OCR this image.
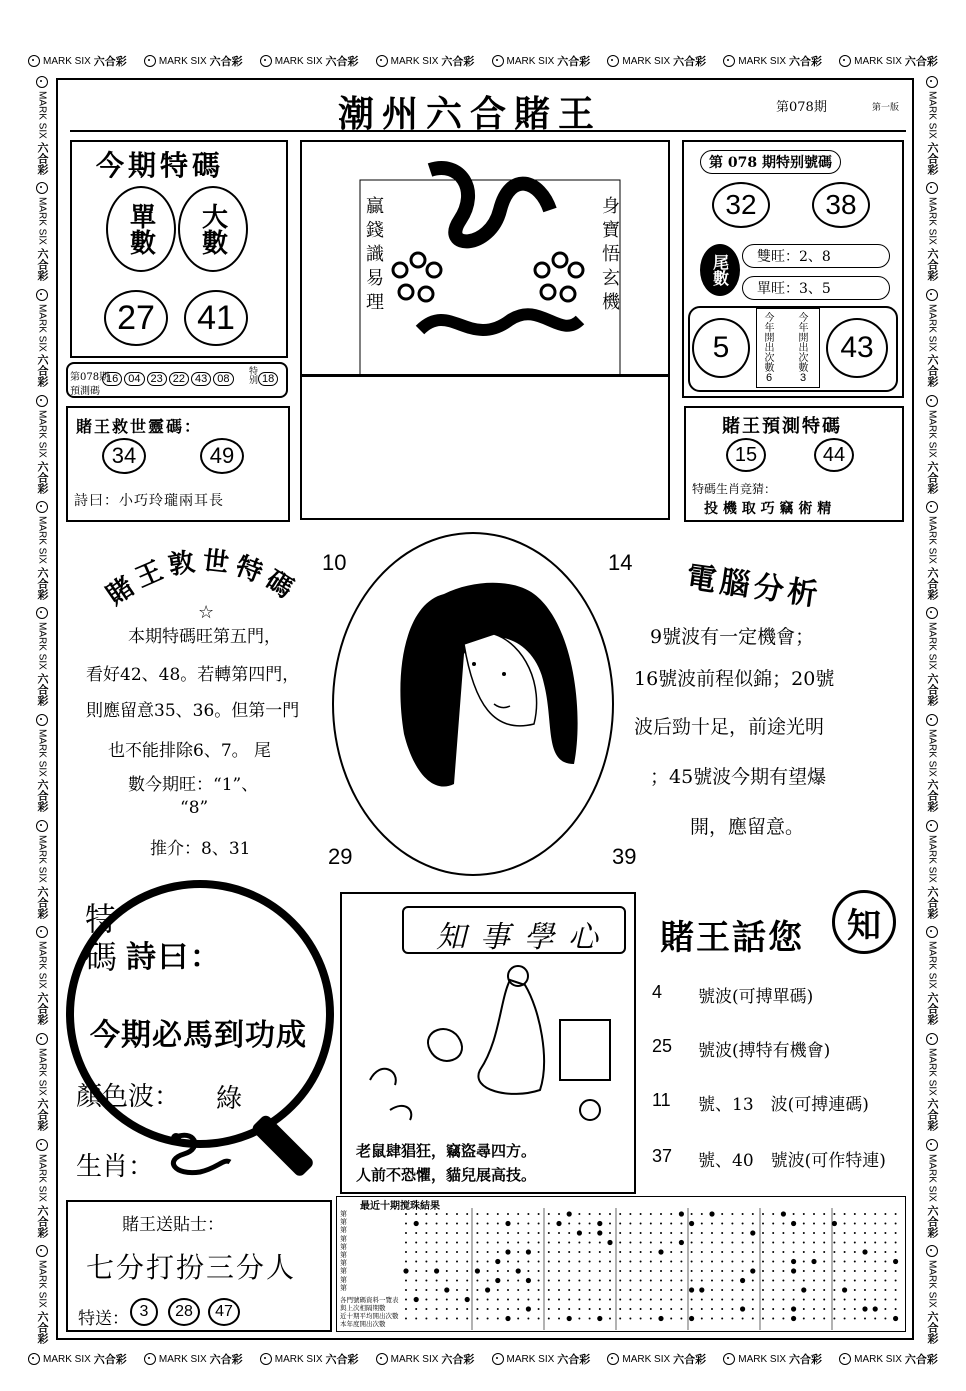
MARK SIX 六合彩	MARK SIX 六合彩	MARK SIX 六合彩	MARK SIX 六合彩	MARK SIX 六合彩	MARK SIX 六合彩	MARK SIX 六合彩	MARK SIX 六合彩
MARK SIX 六合彩	MARK SIX 六合彩	MARK SIX 六合彩	MARK SIX 六合彩	MARK SIX 六合彩	MARK SIX 六合彩	MARK SIX 六合彩	MARK SIX 六合彩
MARK SIX
六合彩
MARK SIX
六合彩
MARK SIX
六合彩
MARK SIX
六合彩
MARK SIX
六合彩
MARK SIX
六合彩
MARK SIX
六合彩
MARK SIX
六合彩
MARK SIX
六合彩
MARK SIX
六合彩
MARK SIX
六合彩
MARK SIX
六合彩
MARK SIX
六合彩
MARK SIX
六合彩
MARK SIX
六合彩
MARK SIX
六合彩
MARK SIX
六合彩
MARK SIX
六合彩
MARK SIX
六合彩
MARK SIX
六合彩
MARK SIX
六合彩
MARK SIX
六合彩
MARK SIX
六合彩
MARK SIX
六合彩
潮州六合賭王	第078期	第一版
今期特碼
單數 大數
27	41
第078期
預測碼
16 04 23 22 43 08	特别 18
贏錢識易理	身寶悟玄機
第 078 期特别號碼
32	38
尾數	雙旺：2、8
單旺：3、5
5	43
今年開出次數 今年開出次數
6	3
賭王救世靈碼：
34	49
詩曰：小巧玲瓏兩耳長
賭王預測特碼
15	44
特碼生肖竞猜：
投 機 取 巧 竊 術 精
賭王敦世特碼
☆
本期特碼旺第五門，
看好42、48。若轉第四門，
則應留意35、36。但第一門
也不能排除6、7。 尾
數今期旺：“1”、
“8”
推介：8、31
10	14
29	39
電腦分析
9號波有一定機會；
16號波前程似錦；20號
波后勁十足，前途光明
；45號波今期有望爆
開，應留意。
特碼 詩曰：
今期必馬到功成
顏色波： 綠
生肖：
知事學心
老鼠肆猖狂，竊盜尋四方。
人前不恐懼，貓兒展高技。
賭王話您 知
4 號波(可搏單碼)
25 號波(搏特有機會)
11 號、13　波(可搏連碼)
37 號、40　號波(可作特連)
賭王送貼士：
七分打扮三分人
特送： 3	28	47
最近十期搅珠結果
第
第
第
第
第
第
第
第
第
第
各門號碼資料一覽表
與上次相隔期數
近十期平均開出次數
本年度開出次數
